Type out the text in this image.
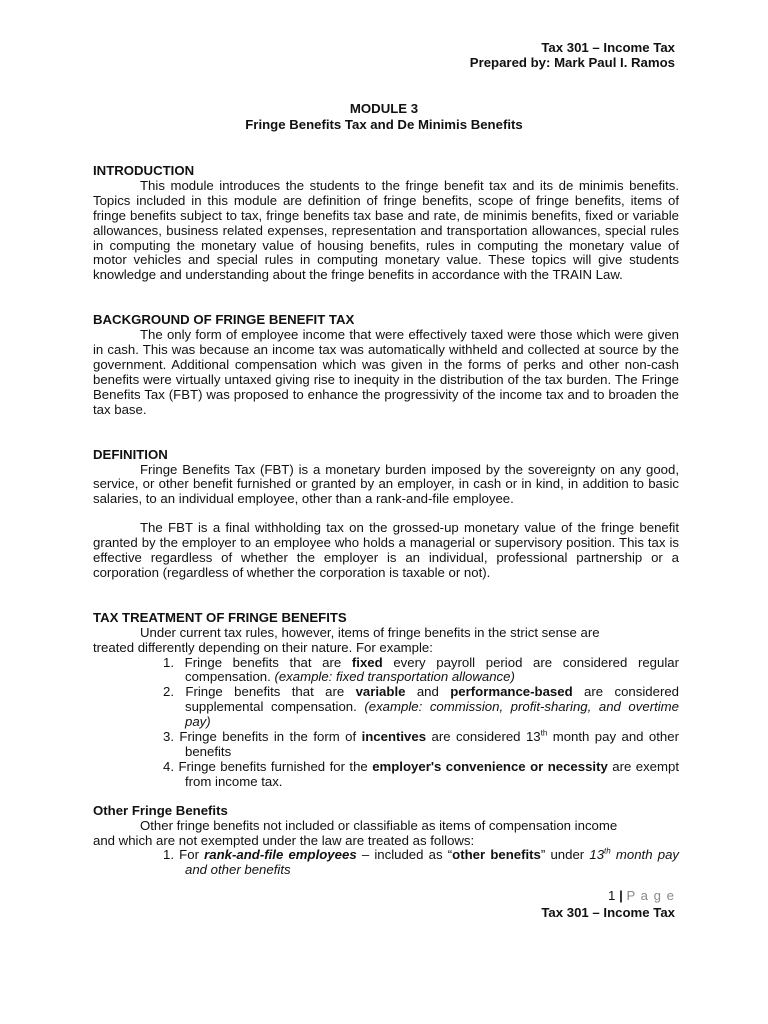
Tax 301 – Income Tax
Prepared by: Mark Paul I. Ramos
MODULE 3
Fringe Benefits Tax and De Minimis Benefits

INTRODUCTION

This module introduces the students to the fringe benefit tax and its de minimis benefits. Topics included in this module are definition of fringe benefits, scope of fringe benefits, items of fringe benefits subject to tax, fringe benefits tax base and rate, de minimis benefits, fixed or variable allowances, business related expenses, representation and transportation allowances, special rules in computing the monetary value of housing benefits, rules in computing the monetary value of motor vehicles and special rules in computing monetary value. These topics will give students knowledge and understanding about the fringe benefits in accordance with the TRAIN Law.

BACKGROUND OF FRINGE BENEFIT TAX

The only form of employee income that were effectively taxed were those which were given in cash. This was because an income tax was automatically withheld and collected at source by the government. Additional compensation which was given in the forms of perks and other non-cash benefits were virtually untaxed giving rise to inequity in the distribution of the tax burden. The Fringe Benefits Tax (FBT) was proposed to enhance the progressivity of the income tax and to broaden the tax base.

DEFINITION

Fringe Benefits Tax (FBT) is a monetary burden imposed by the sovereignty on any good, service, or other benefit furnished or granted by an employer, in cash or in kind, in addition to basic salaries, to an individual employee, other than a rank-and-file employee.

The FBT is a final withholding tax on the grossed-up monetary value of the fringe benefit granted by the employer to an employee who holds a managerial or supervisory position. This tax is effective regardless of whether the employer is an individual, professional partnership or a corporation (regardless of whether the corporation is taxable or not).

TAX TREATMENT OF FRINGE BENEFITS

Under current tax rules, however, items of fringe benefits in the strict sense are

treated differently depending on their nature. For example:

1. Fringe benefits that are fixed every payroll period are considered regular compensation. (example: fixed transportation allowance)
2. Fringe benefits that are variable and performance-based are considered supplemental compensation. (example: commission, profit-sharing, and overtime pay)
3. Fringe benefits in the form of incentives are considered 13th month pay and other benefits
4. Fringe benefits furnished for the employer's convenience or necessity are exempt from income tax.

Other Fringe Benefits

Other fringe benefits not included or classifiable as items of compensation income

and which are not exempted under the law are treated as follows:

1. For rank-and-file employees – included as “other benefits” under 13th month pay and other benefits
1 | P a g e
Tax 301 – Income Tax
